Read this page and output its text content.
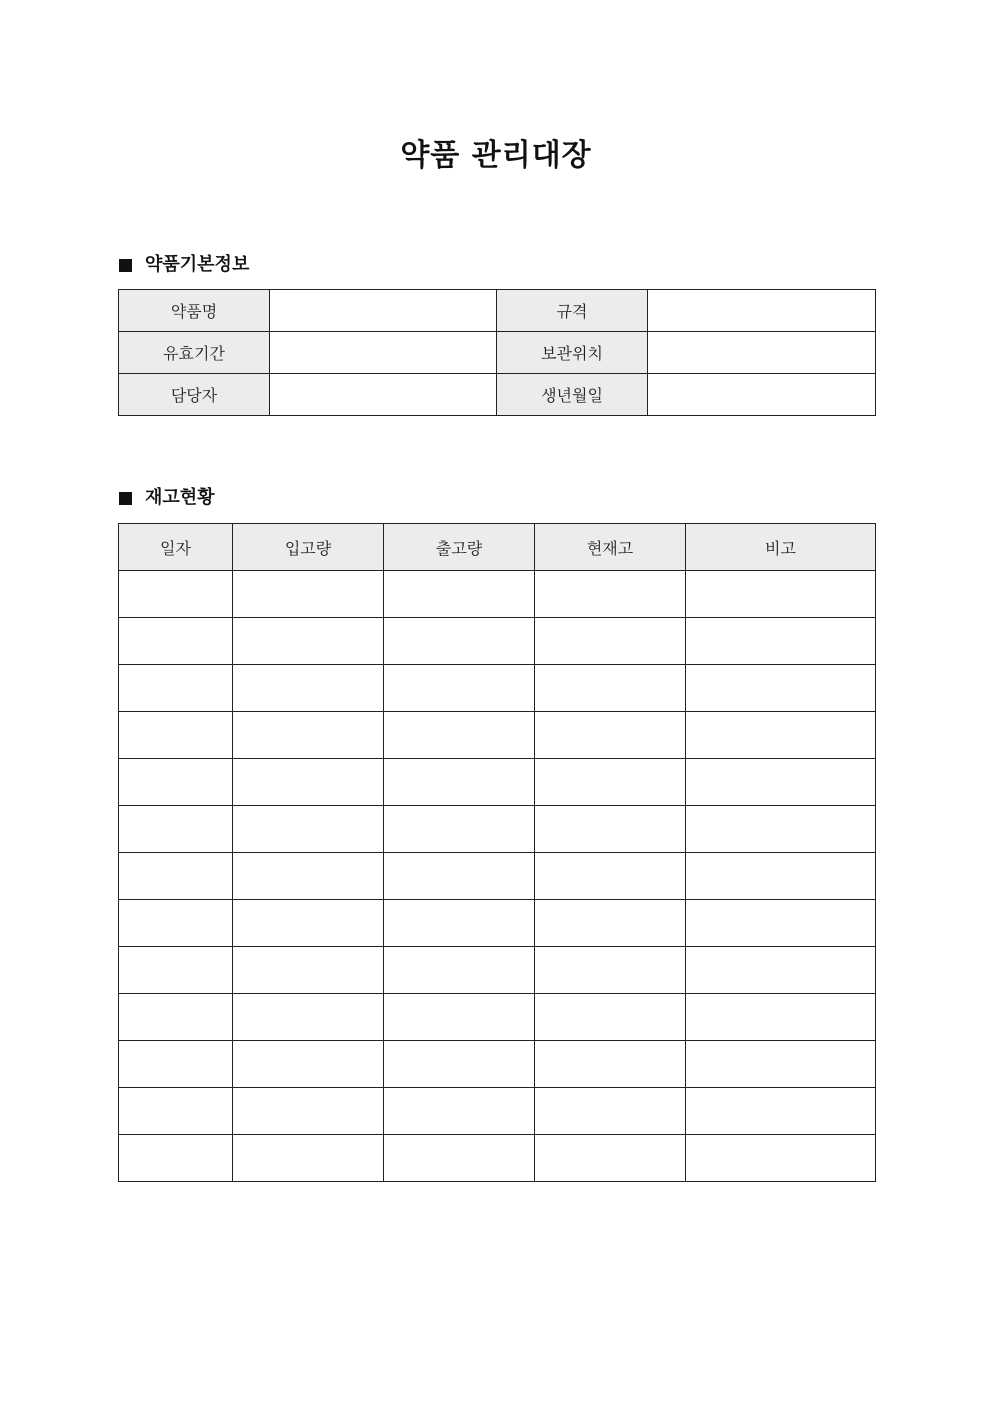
약품 관리대장
약품기본정보
약품명		규격	
유효기간		보관위치	
담당자		생년월일	
재고현황
일자	입고량	출고량	현재고	비고
